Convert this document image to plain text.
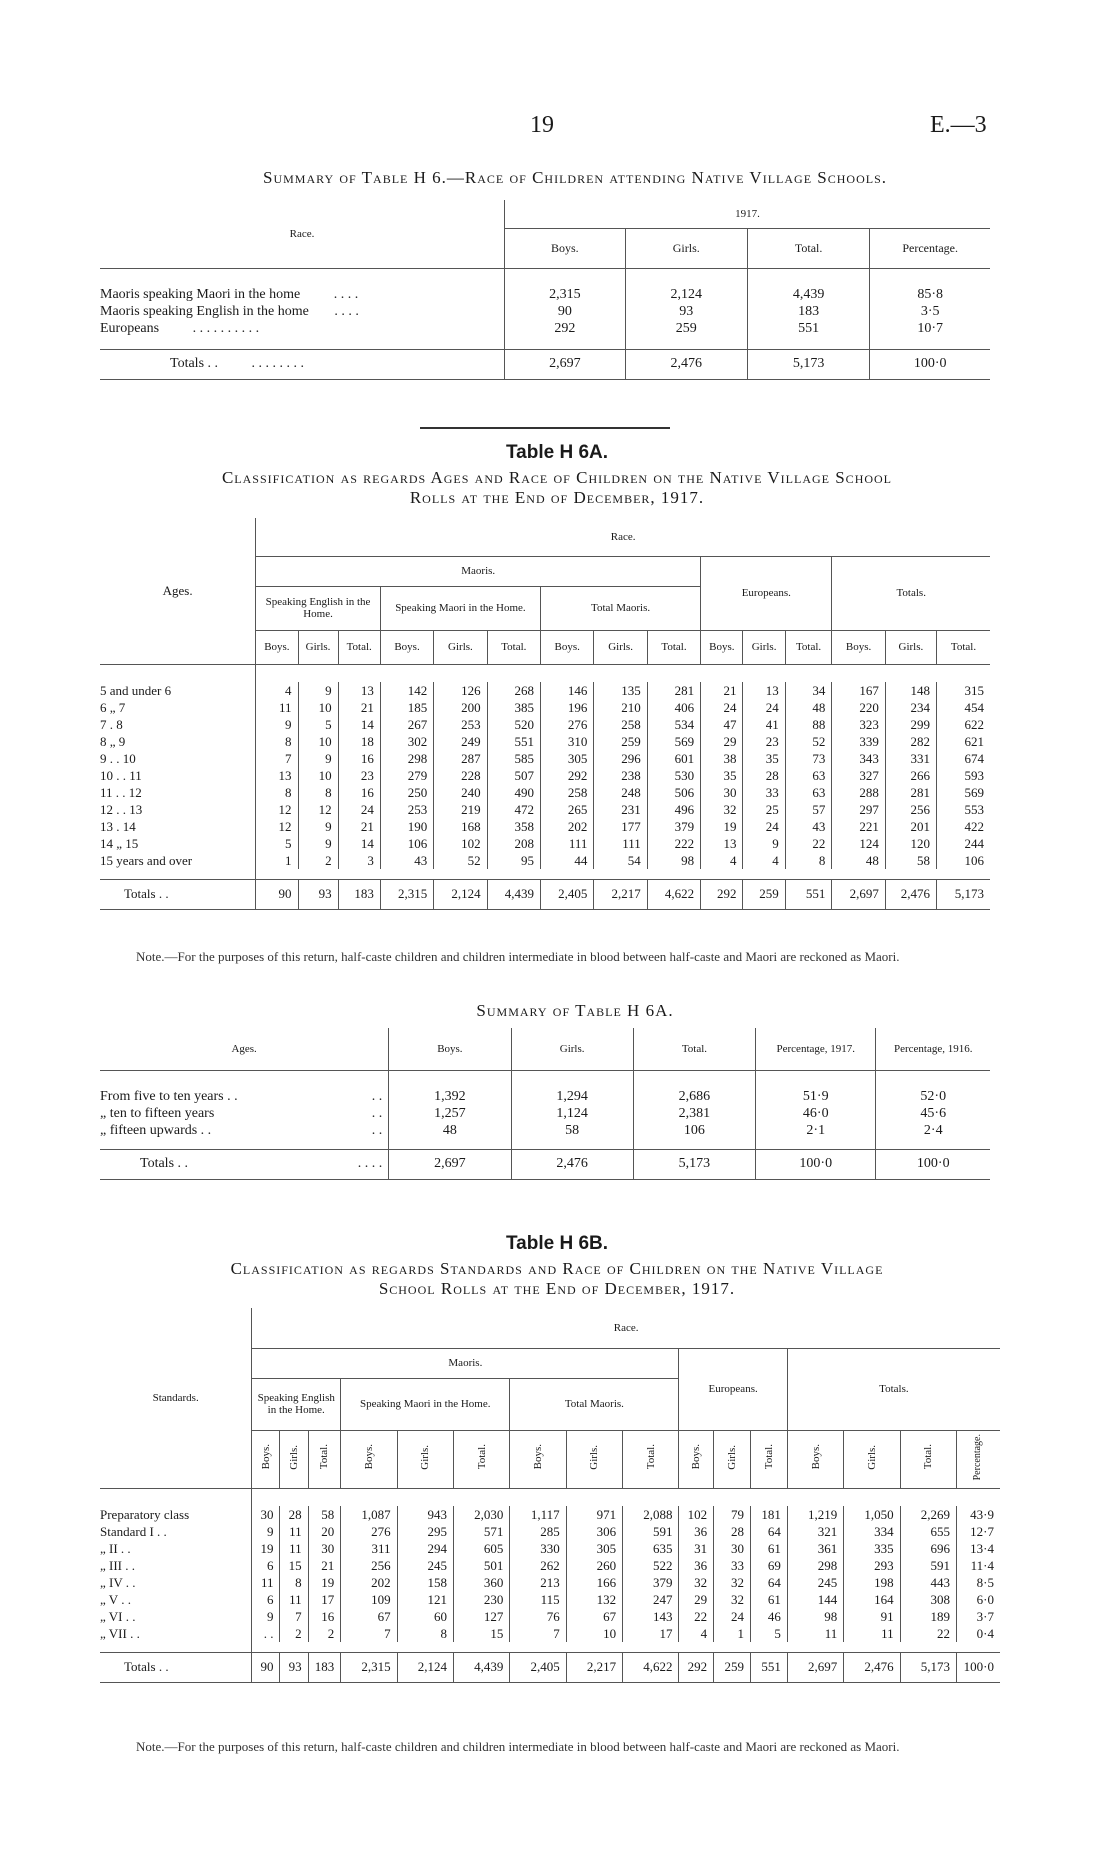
19	E.—3
Summary of Table H 6.—Race of Children attending Native Village Schools.
Race.	1917.			
	Boys.	Girls.	Total.	Percentage.

Maoris speaking Maori in the home . . . .	2,315	2,124	4,439	85·8
Maoris speaking English in the home . . . .	90	93	183	3·5
Europeans . . . . . . . . . .	292	259	551	10·7

Totals . . . . . . . . . .	2,697	2,476	5,173	100·0
Table H 6A.
Classification as regards Ages and Race of Children on the Native Village School
Rolls at the End of December, 1917.
Ages.	Race.														
	Maoris.									Europeans.			Totals.		
	Speaking English in the Home.			Speaking Maori in the Home.			Total Maoris.								
	Boys.	Girls.	Total.	Boys.	Girls.	Total.	Boys.	Girls.	Total.	Boys.	Girls.	Total.	Boys.	Girls.	Total.

5 and under 6	4	9	13	142	126	268	146	135	281	21	13	34	167	148	315
6 „ 7	11	10	21	185	200	385	196	210	406	24	24	48	220	234	454
7 . 8	9	5	14	267	253	520	276	258	534	47	41	88	323	299	622
8 „ 9	8	10	18	302	249	551	310	259	569	29	23	52	339	282	621
9 . . 10	7	9	16	298	287	585	305	296	601	38	35	73	343	331	674
10 . . 11	13	10	23	279	228	507	292	238	530	35	28	63	327	266	593
11 . . 12	8	8	16	250	240	490	258	248	506	30	33	63	288	281	569
12 . . 13	12	12	24	253	219	472	265	231	496	32	25	57	297	256	553
13 . 14	12	9	21	190	168	358	202	177	379	19	24	43	221	201	422
14 „ 15	5	9	14	106	102	208	111	111	222	13	9	22	124	120	244
15 years and over	1	2	3	43	52	95	44	54	98	4	4	8	48	58	106

Totals . .	90	93	183	2,315	2,124	4,439	2,405	2,217	4,622	292	259	551	2,697	2,476	5,173
Note.—For the purposes of this return, half-caste children and children intermediate in blood between half-caste and Maori are reckoned as Maori.
Summary of Table H 6A.
Ages.	Boys.	Girls.	Total.	Percentage, 1917.	Percentage, 1916.

From five to ten years . . . .	1,392	1,294	2,686	51·9	52·0
„ ten to fifteen years . .	1,257	1,124	2,381	46·0	45·6
„ fifteen upwards . . . .	48	58	106	2·1	2·4

Totals . . . . . .	2,697	2,476	5,173	100·0	100·0
Table H 6B.
Classification as regards Standards and Race of Children on the Native Village
School Rolls at the End of December, 1917.
Standards.	Race.															
	Maoris.									Europeans.			Totals.			
	Speaking English in the Home.			Speaking Maori in the Home.			Total Maoris.									
	Boys.	Girls.	Total.	Boys.	Girls.	Total.	Boys.	Girls.	Total.	Boys.	Girls.	Total.	Boys.	Girls.	Total.	Percentage.

Preparatory class	30	28	58	1,087	943	2,030	1,117	971	2,088	102	79	181	1,219	1,050	2,269	43·9
Standard I . .	9	11	20	276	295	571	285	306	591	36	28	64	321	334	655	12·7
„ II . .	19	11	30	311	294	605	330	305	635	31	30	61	361	335	696	13·4
„ III . .	6	15	21	256	245	501	262	260	522	36	33	69	298	293	591	11·4
„ IV . .	11	8	19	202	158	360	213	166	379	32	32	64	245	198	443	8·5
„ V . .	6	11	17	109	121	230	115	132	247	29	32	61	144	164	308	6·0
„ VI . .	9	7	16	67	60	127	76	67	143	22	24	46	98	91	189	3·7
„ VII . .	. .	2	2	7	8	15	7	10	17	4	1	5	11	11	22	0·4

Totals . .	90	93	183	2,315	2,124	4,439	2,405	2,217	4,622	292	259	551	2,697	2,476	5,173	100·0
Note.—For the purposes of this return, half-caste children and children intermediate in blood between half-caste and Maori are reckoned as Maori.
